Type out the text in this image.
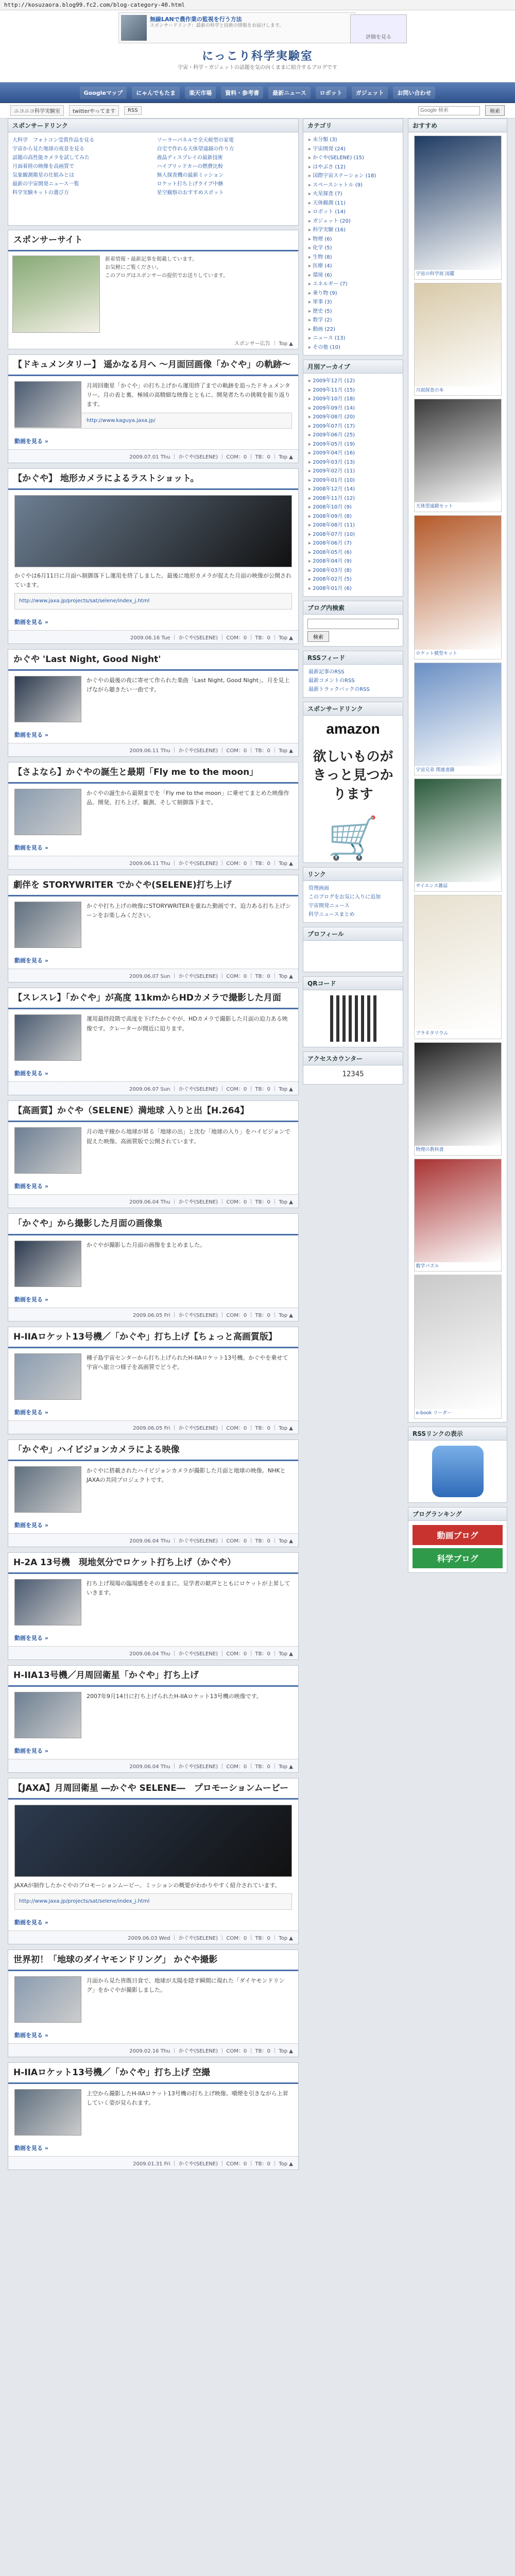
http://kosuzaora.blog99.fc2.com/blog-category-40.html
無線LANで農作業の監視を行う方法
スポンサードリンク：最新の科学と技術の情報をお届けします。
評価を見る
にっこり科学実験室
宇宙・科学・ガジェットの話題を気の向くままに紹介するブログです
Googleマップ	にゃんでもたま	楽天市場	資料・参考書	最新ニュース	ロボット	ガジェット	お問い合わせ
ニコニコ科学実験室	twitterやってます	RSS
Google 検索	検索
スポンサードリンク
大科学　フォトコン受賞作品を見る	ソーラーパネルで全天候型の家電
宇宙から見た地球の夜景を見る	自宅で作れる天体望遠鏡の作り方
話題の高性能カメラを試してみた	液晶ディスプレイの最新技術
月面着陸の映像を高画質で	ハイブリッドカーの燃費比較
気象観測衛星の仕組みとは	無人探査機の最新ミッション
最新の宇宙開発ニュース一覧	ロケット打ち上げライブ中継
科学実験キットの選び方	星空観察のおすすめスポット
スポンサーサイト

新着情報・最新記事を掲載しています。

お気軽にご覧ください。

このブログはスポンサーの提供でお送りしています。

スポンサー広告 ｜ Top ▲
【ドキュメンタリー】 遥かなる月へ ～月面回画像「かぐや」の軌跡～

月周回衛星「かぐや」の打ち上げから運用終了までの軌跡を追ったドキュメンタリー。月の表と裏、極域の高精細な映像とともに、開発者たちの挑戦を振り返ります。

http://www.kaguya.jaxa.jp/
動画を見る »
2009.07.01 Thu ｜ かぐや(SELENE) ｜ COM：0 ｜ TB：0 ｜ Top ▲
【かぐや】 地形カメラによるラストショット。

かぐやは6月11日に月面へ制御落下し運用を終了しました。最後に地形カメラが捉えた月面の映像が公開されています。

http://www.jaxa.jp/projects/sat/selene/index_j.html
動画を見る »
2009.06.16 Tue ｜ かぐや(SELENE) ｜ COM：0 ｜ TB：0 ｜ Top ▲
かぐや 'Last Night, Good Night'

かぐやの最後の夜に寄せて作られた楽曲「Last Night, Good Night」。月を見上げながら聴きたい一曲です。

動画を見る »
2009.06.11 Thu ｜ かぐや(SELENE) ｜ COM：0 ｜ TB：0 ｜ Top ▲
【さよなら】かぐやの誕生と最期「Fly me to the moon」

かぐやの誕生から最期までを「Fly me to the moon」に乗せてまとめた映像作品。開発、打ち上げ、観測、そして制御落下まで。

動画を見る »
2009.06.11 Thu ｜ かぐや(SELENE) ｜ COM：0 ｜ TB：0 ｜ Top ▲
劇伴を STORYWRITER でかぐや(SELENE)打ち上げ

かぐや打ち上げの映像にSTORYWRITERを重ねた動画です。迫力ある打ち上げシーンをお楽しみください。

動画を見る »
2009.06.07 Sun ｜ かぐや(SELENE) ｜ COM：0 ｜ TB：0 ｜ Top ▲
【スレスレ】「かぐや」が高度 11kmからHDカメラで撮影した月面

運用最終段階で高度を下げたかぐやが、HDカメラで撮影した月面の迫力ある映像です。クレーターが間近に迫ります。

動画を見る »
2009.06.07 Sun ｜ かぐや(SELENE) ｜ COM：0 ｜ TB：0 ｜ Top ▲
【高画質】かぐや（SELENE）満地球 入りと出【H.264】

月の地平線から地球が昇る「地球の出」と沈む「地球の入り」をハイビジョンで捉えた映像。高画質版で公開されています。

動画を見る »
2009.06.04 Thu ｜ かぐや(SELENE) ｜ COM：0 ｜ TB：0 ｜ Top ▲
「かぐや」から撮影した月面の画像集

かぐやが撮影した月面の画像をまとめました。

動画を見る »
2009.06.05 Fri ｜ かぐや(SELENE) ｜ COM：0 ｜ TB：0 ｜ Top ▲
H-IIAロケット13号機／「かぐや」打ち上げ【ちょっと高画質版】

種子島宇宙センターから打ち上げられたH-IIAロケット13号機。かぐやを乗せて宇宙へ旅立つ様子を高画質でどうぞ。

動画を見る »
2009.06.05 Fri ｜ かぐや(SELENE) ｜ COM：0 ｜ TB：0 ｜ Top ▲
「かぐや」ハイビジョンカメラによる映像

かぐやに搭載されたハイビジョンカメラが撮影した月面と地球の映像。NHKとJAXAの共同プロジェクトです。

動画を見る »
2009.06.04 Thu ｜ かぐや(SELENE) ｜ COM：0 ｜ TB：0 ｜ Top ▲
H-2A 13号機　現地気分でロケット打ち上げ（かぐや）

打ち上げ現場の臨場感をそのままに。見学者の歓声とともにロケットが上昇していきます。

動画を見る »
2009.06.04 Thu ｜ かぐや(SELENE) ｜ COM：0 ｜ TB：0 ｜ Top ▲
H-IIA13号機／月周回衛星「かぐや」打ち上げ

2007年9月14日に打ち上げられたH-IIAロケット13号機の映像です。

動画を見る »
2009.06.04 Thu ｜ かぐや(SELENE) ｜ COM：0 ｜ TB：0 ｜ Top ▲
【JAXA】月周回衛星 ―かぐや SELENE―　プロモーションムービー

JAXAが制作したかぐやのプロモーションムービー。ミッションの概要がわかりやすく紹介されています。

http://www.jaxa.jp/projects/sat/selene/index_j.html
動画を見る »
2009.06.03 Wed ｜ かぐや(SELENE) ｜ COM：0 ｜ TB：0 ｜ Top ▲
世界初！「地球のダイヤモンドリング」 かぐや撮影

月面から見た皆既日食で、地球が太陽を隠す瞬間に現れた「ダイヤモンドリング」をかぐやが撮影しました。

動画を見る »
2009.02.16 Thu ｜ かぐや(SELENE) ｜ COM：0 ｜ TB：0 ｜ Top ▲
H-IIAロケット13号機／「かぐや」打ち上げ 空撮

上空から撮影したH-IIAロケット13号機の打ち上げ映像。噴煙を引きながら上昇していく姿が見られます。

動画を見る »
2009.01.31 Fri ｜ かぐや(SELENE) ｜ COM：0 ｜ TB：0 ｜ Top ▲
カテゴリ
▸ 未分類 (3)
▸ 宇宙開発 (24)
▸ かぐや(SELENE) (15)
▸ はやぶさ (12)
▸ 国際宇宙ステーション (18)
▸ スペースシャトル (9)
▸ 火星探査 (7)
▸ 天体観測 (11)
▸ ロボット (14)
▸ ガジェット (20)
▸ 科学実験 (16)
▸ 物理 (6)
▸ 化学 (5)
▸ 生物 (8)
▸ 医療 (4)
▸ 環境 (6)
▸ エネルギー (7)
▸ 乗り物 (9)
▸ 軍事 (3)
▸ 歴史 (5)
▸ 数学 (2)
▸ 動画 (22)
▸ ニュース (13)
▸ その他 (10)
月別アーカイブ
▸ 2009年12月 (12)
▸ 2009年11月 (15)
▸ 2009年10月 (18)
▸ 2009年09月 (14)
▸ 2009年08月 (20)
▸ 2009年07月 (17)
▸ 2009年06月 (25)
▸ 2009年05月 (19)
▸ 2009年04月 (16)
▸ 2009年03月 (13)
▸ 2009年02月 (11)
▸ 2009年01月 (10)
▸ 2008年12月 (14)
▸ 2008年11月 (12)
▸ 2008年10月 (9)
▸ 2008年09月 (8)
▸ 2008年08月 (11)
▸ 2008年07月 (10)
▸ 2008年06月 (7)
▸ 2008年05月 (6)
▸ 2008年04月 (9)
▸ 2008年03月 (8)
▸ 2008年02月 (5)
▸ 2008年01月 (6)
ブログ内検索
検索
RSSフィード
最新記事のRSS
最新コメントのRSS
最新トラックバックのRSS
スポンサードリンク
amazon
欲しいものがきっと見つかります
🛒
リンク
管理画面
このブログをお気に入りに追加
宇宙開発ニュース
科学ニュースまとめ
プロフィール
QRコード
アクセスカウンター
12345
おすすめ
宇宙の科学展 図鑑
月面探査の本
天体望遠鏡セット
ロケット模型キット
宇宙兄弟 関連書籍
サイエンス雑誌
プラネタリウム
物理の教科書
数学パズル
e-book リーダー
RSSリンクの表示
ブログランキング
動画ブログ
科学ブログ
